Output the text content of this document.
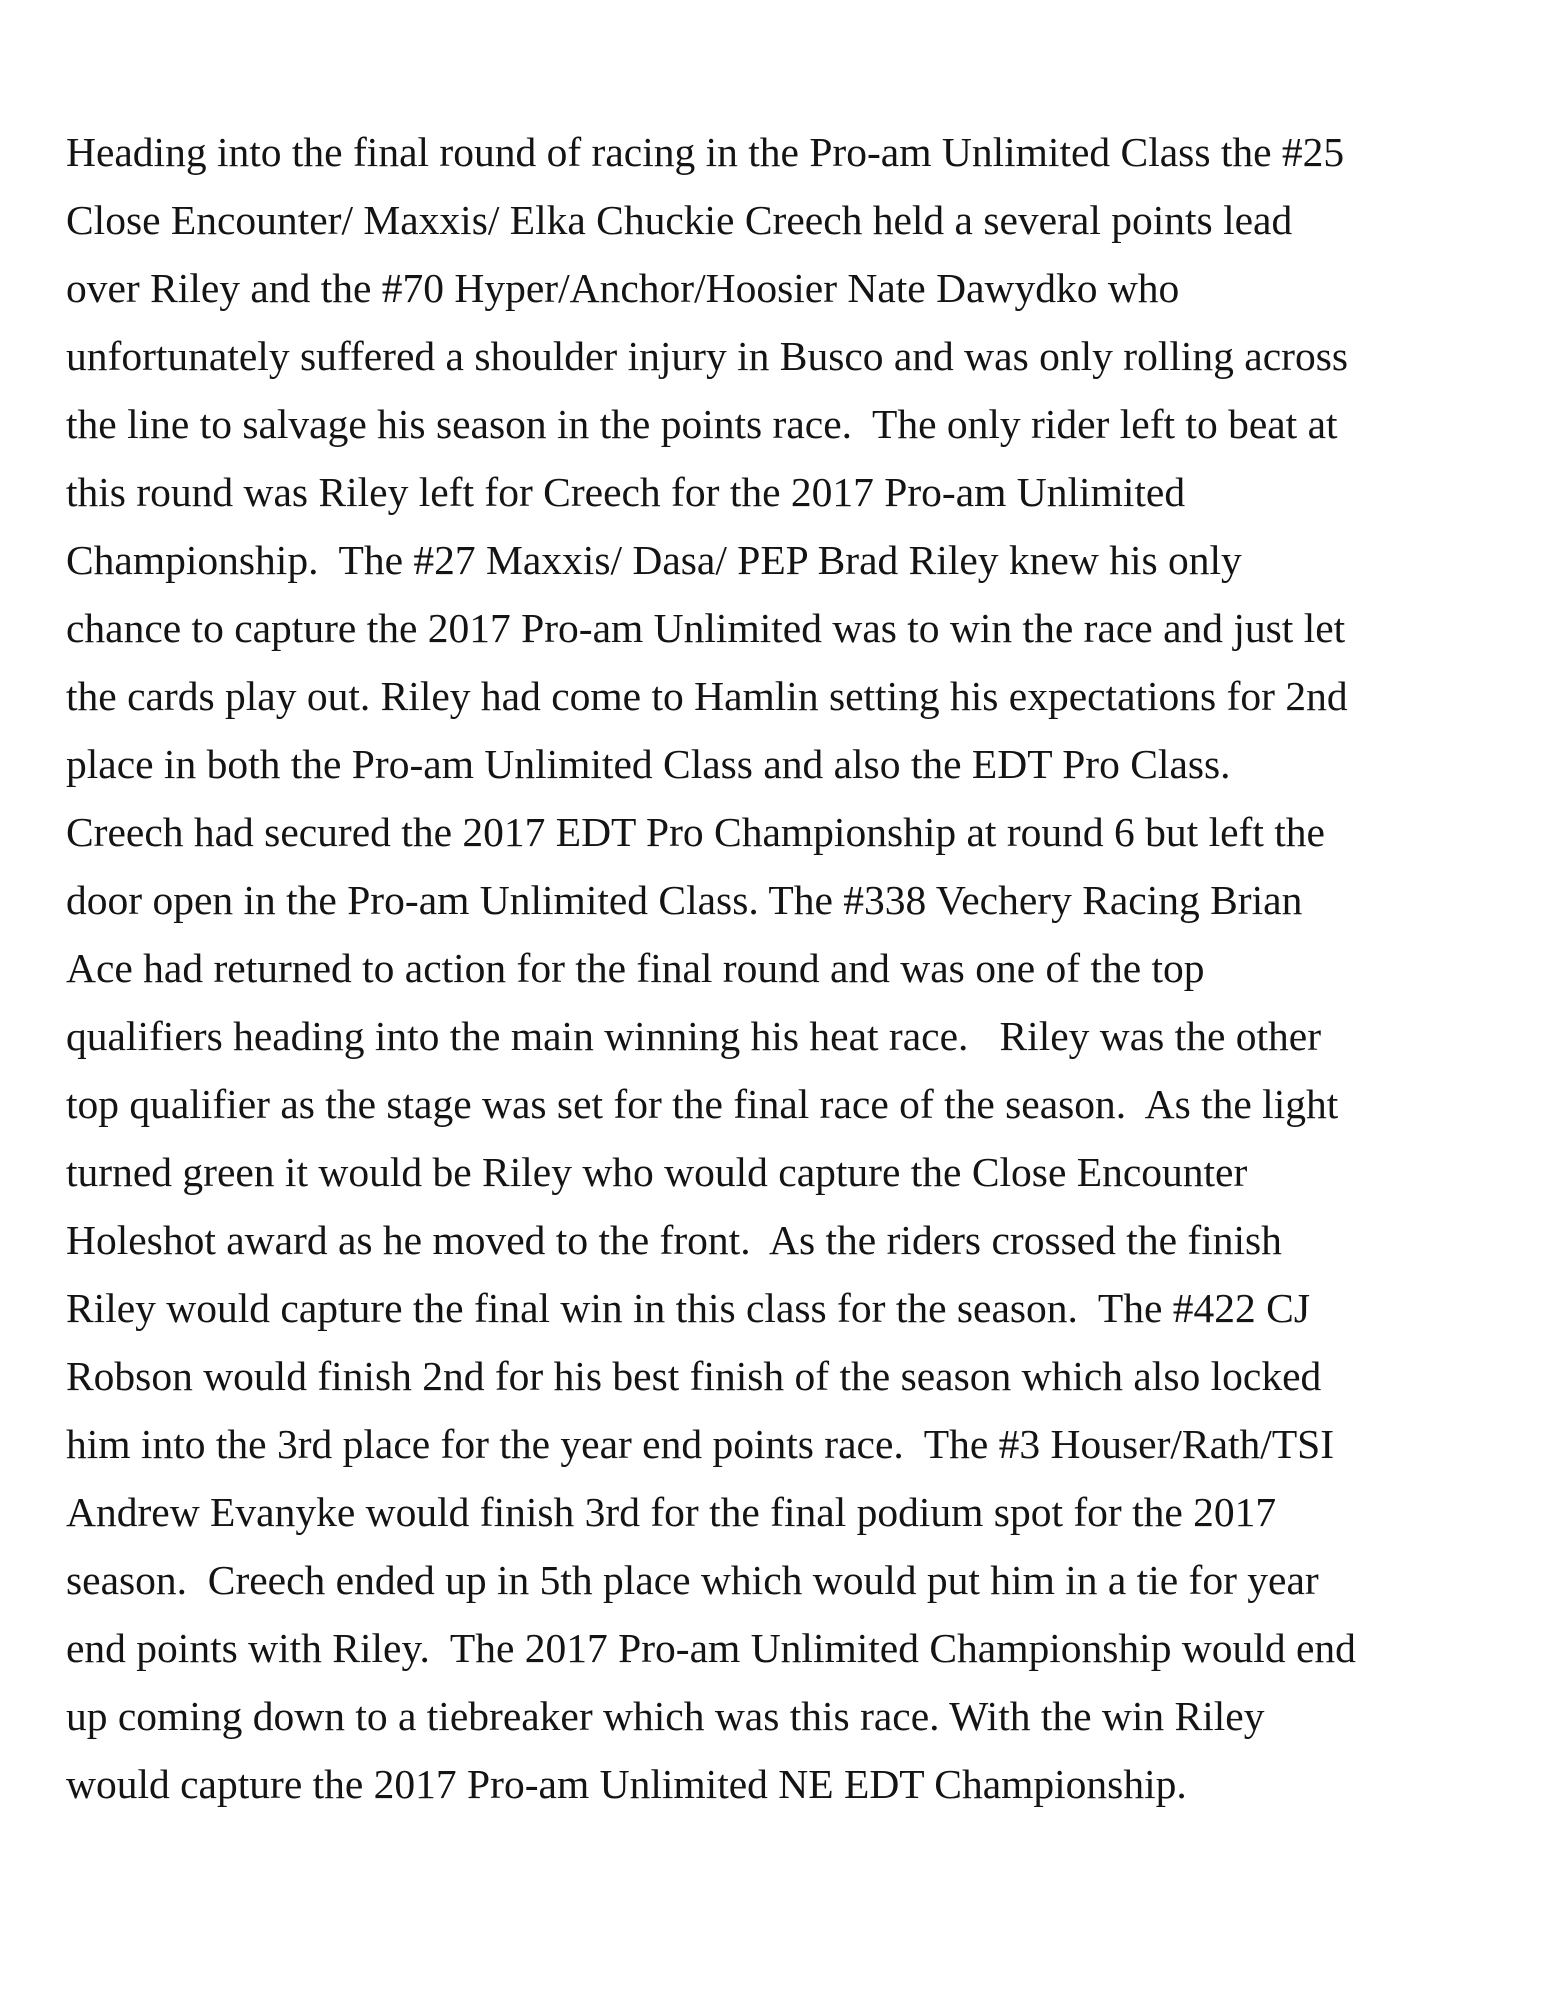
Heading into the final round of racing in the Pro-am Unlimited Class the #25
Close Encounter/ Maxxis/ Elka Chuckie Creech held a several points lead
over Riley and the #70 Hyper/Anchor/Hoosier Nate Dawydko who
unfortunately suffered a shoulder injury in Busco and was only rolling across
the line to salvage his season in the points race.  The only rider left to beat at
this round was Riley left for Creech for the 2017 Pro-am Unlimited
Championship.  The #27 Maxxis/ Dasa/ PEP Brad Riley knew his only
chance to capture the 2017 Pro-am Unlimited was to win the race and just let
the cards play out. Riley had come to Hamlin setting his expectations for 2nd
place in both the Pro-am Unlimited Class and also the EDT Pro Class.
Creech had secured the 2017 EDT Pro Championship at round 6 but left the
door open in the Pro-am Unlimited Class. The #338 Vechery Racing Brian
Ace had returned to action for the final round and was one of the top
qualifiers heading into the main winning his heat race.   Riley was the other
top qualifier as the stage was set for the final race of the season.  As the light
turned green it would be Riley who would capture the Close Encounter
Holeshot award as he moved to the front.  As the riders crossed the finish
Riley would capture the final win in this class for the season.  The #422 CJ
Robson would finish 2nd for his best finish of the season which also locked
him into the 3rd place for the year end points race.  The #3 Houser/Rath/TSI
Andrew Evanyke would finish 3rd for the final podium spot for the 2017
season.  Creech ended up in 5th place which would put him in a tie for year
end points with Riley.  The 2017 Pro-am Unlimited Championship would end
up coming down to a tiebreaker which was this race. With the win Riley
would capture the 2017 Pro-am Unlimited NE EDT Championship.
